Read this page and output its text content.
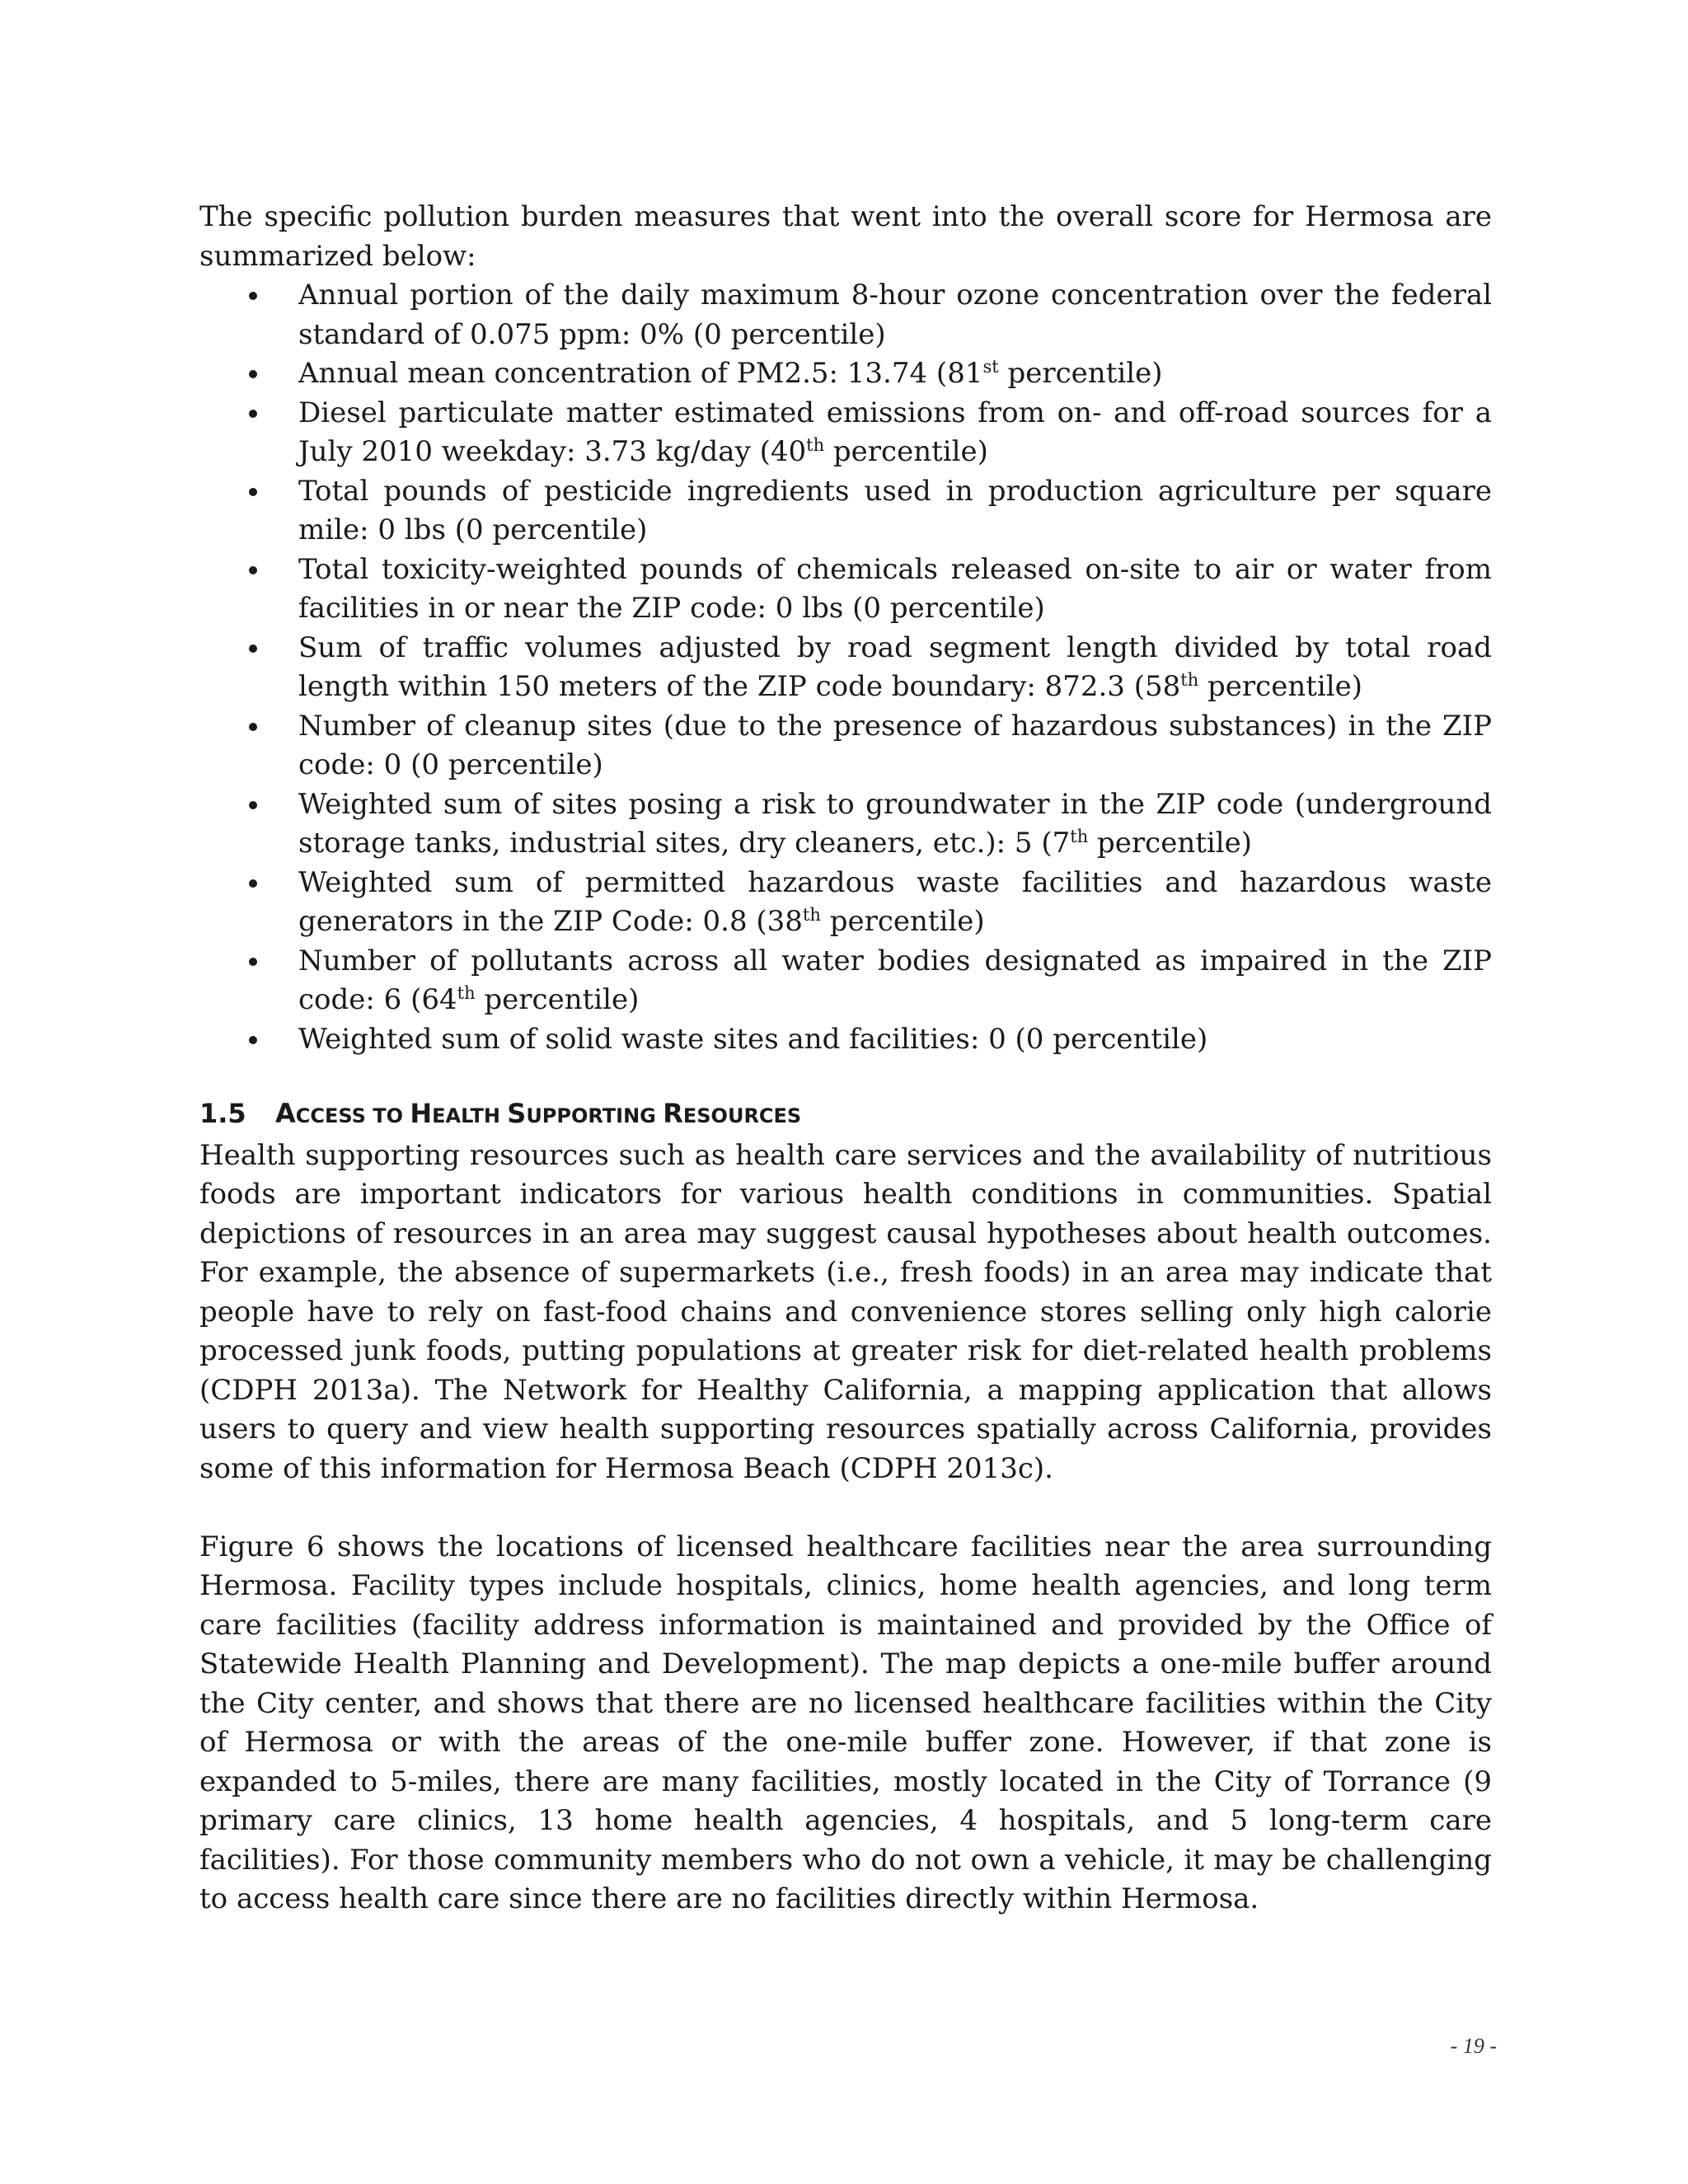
The specific pollution burden measures that went into the overall score for Hermosa are summarized below:

Annual portion of the daily maximum 8-hour ozone concentration over the federal standard of 0.075 ppm: 0% (0 percentile)
Annual mean concentration of PM2.5: 13.74 (81st percentile)
Diesel particulate matter estimated emissions from on- and off-road sources for a July 2010 weekday: 3.73 kg/day (40th percentile)
Total pounds of pesticide ingredients used in production agriculture per square mile: 0 lbs (0 percentile)
Total toxicity-weighted pounds of chemicals released on-site to air or water from facilities in or near the ZIP code: 0 lbs (0 percentile)
Sum of traffic volumes adjusted by road segment length divided by total road length within 150 meters of the ZIP code boundary: 872.3 (58th percentile)
Number of cleanup sites (due to the presence of hazardous substances) in the ZIP code: 0 (0 percentile)
Weighted sum of sites posing a risk to groundwater in the ZIP code (underground storage tanks, industrial sites, dry cleaners, etc.): 5 (7th percentile)
Weighted sum of permitted hazardous waste facilities and hazardous waste generators in the ZIP Code: 0.8 (38th percentile)
Number of pollutants across all water bodies designated as impaired in the ZIP code: 6 (64th percentile)
Weighted sum of solid waste sites and facilities: 0 (0 percentile)
1.5 ACCESS TO HEALTH SUPPORTING RESOURCES

Health supporting resources such as health care services and the availability of nutritious foods are important indicators for various health conditions in communities. Spatial depictions of resources in an area may suggest causal hypotheses about health outcomes. For example, the absence of supermarkets (i.e., fresh foods) in an area may indicate that people have to rely on fast-food chains and convenience stores selling only high calorie processed junk foods, putting populations at greater risk for diet-related health problems (CDPH 2013a). The Network for Healthy California, a mapping application that allows users to query and view health supporting resources spatially across California, provides some of this information for Hermosa Beach (CDPH 2013c).

Figure 6 shows the locations of licensed healthcare facilities near the area surrounding Hermosa. Facility types include hospitals, clinics, home health agencies, and long term care facilities (facility address information is maintained and provided by the Office of Statewide Health Planning and Development). The map depicts a one-mile buffer around the City center, and shows that there are no licensed healthcare facilities within the City of Hermosa or with the areas of the one-mile buffer zone. However, if that zone is expanded to 5-miles, there are many facilities, mostly located in the City of Torrance (9 primary care clinics, 13 home health agencies, 4 hospitals, and 5 long-term care facilities). For those community members who do not own a vehicle, it may be challenging to access health care since there are no facilities directly within Hermosa.

- 19 -
